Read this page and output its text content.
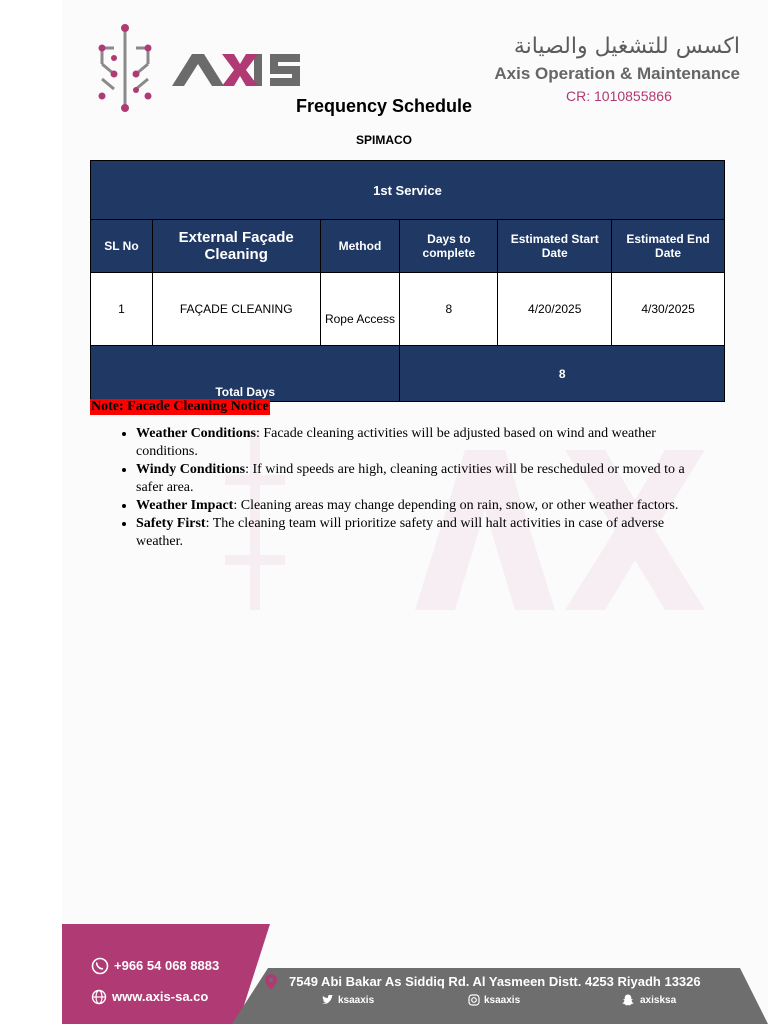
اكسس للتشغيل والصيانة
Axis Operation & Maintenance
CR: 1010855866
Frequency Schedule
SPIMACO
1st Service					
SL No	External Façade Cleaning	Method	Days to complete	Estimated Start Date	Estimated End Date
1	FAÇADE CLEANING	Rope Access	8	4/20/2025	4/30/2025
Total Days			8		
Note: Facade Cleaning Notice
• Weather Conditions: Facade cleaning activities will be adjusted based on wind and weather conditions.
• Windy Conditions: If wind speeds are high, cleaning activities will be rescheduled or moved to a safer area.
• Weather Impact: Cleaning areas may change depending on rain, snow, or other weather factors.
• Safety First: The cleaning team will prioritize safety and will halt activities in case of adverse weather.
+966 54 068 8883
www.axis-sa.co
7549 Abi Bakar As Siddiq Rd. Al Yasmeen Distt. 4253 Riyadh 13326
ksaaxis	ksaaxis	axisksa
